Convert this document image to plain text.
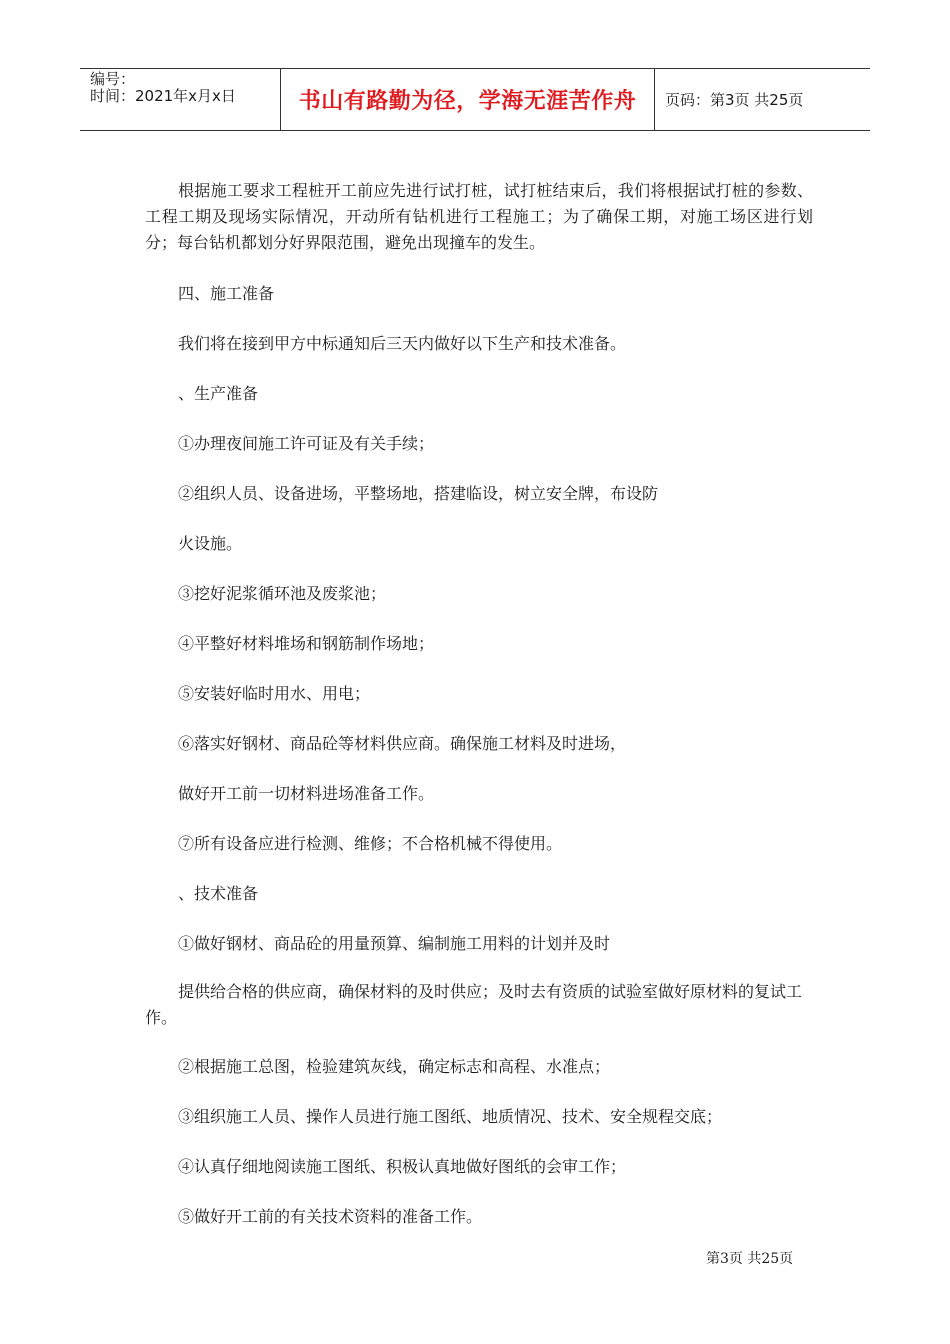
编号：
时间：2021年x月x日	书山有路勤为径，学海无涯苦作舟	页码：第3页 共25页

根据施工要求工程桩开工前应先进行试打桩，试打桩结束后，我们将根据试打桩的参数、工程工期及现场实际情况，开动所有钻机进行工程施工；为了确保工期，对施工场区进行划分；每台钻机都划分好界限范围，避免出现撞车的发生。

四、施工准备
我们将在接到甲方中标通知后三天内做好以下生产和技术准备。
、生产准备
①办理夜间施工许可证及有关手续；
②组织人员、设备进场，平整场地，搭建临设，树立安全牌，布设防
火设施。
③挖好泥浆循环池及废浆池；
④平整好材料堆场和钢筋制作场地；
⑤安装好临时用水、用电；
⑥落实好钢材、商品砼等材料供应商。确保施工材料及时进场，
做好开工前一切材料进场准备工作。
⑦所有设备应进行检测、维修；不合格机械不得使用。
、技术准备
①做好钢材、商品砼的用量预算、编制施工用料的计划并及时
提供给合格的供应商，确保材料的及时供应；及时去有资质的试验室做好原材料的复试工作。
②根据施工总图，检验建筑灰线，确定标志和高程、水准点；
③组织施工人员、操作人员进行施工图纸、地质情况、技术、安全规程交底；
④认真仔细地阅读施工图纸、积极认真地做好图纸的会审工作；
⑤做好开工前的有关技术资料的准备工作。
第3页 共25页
